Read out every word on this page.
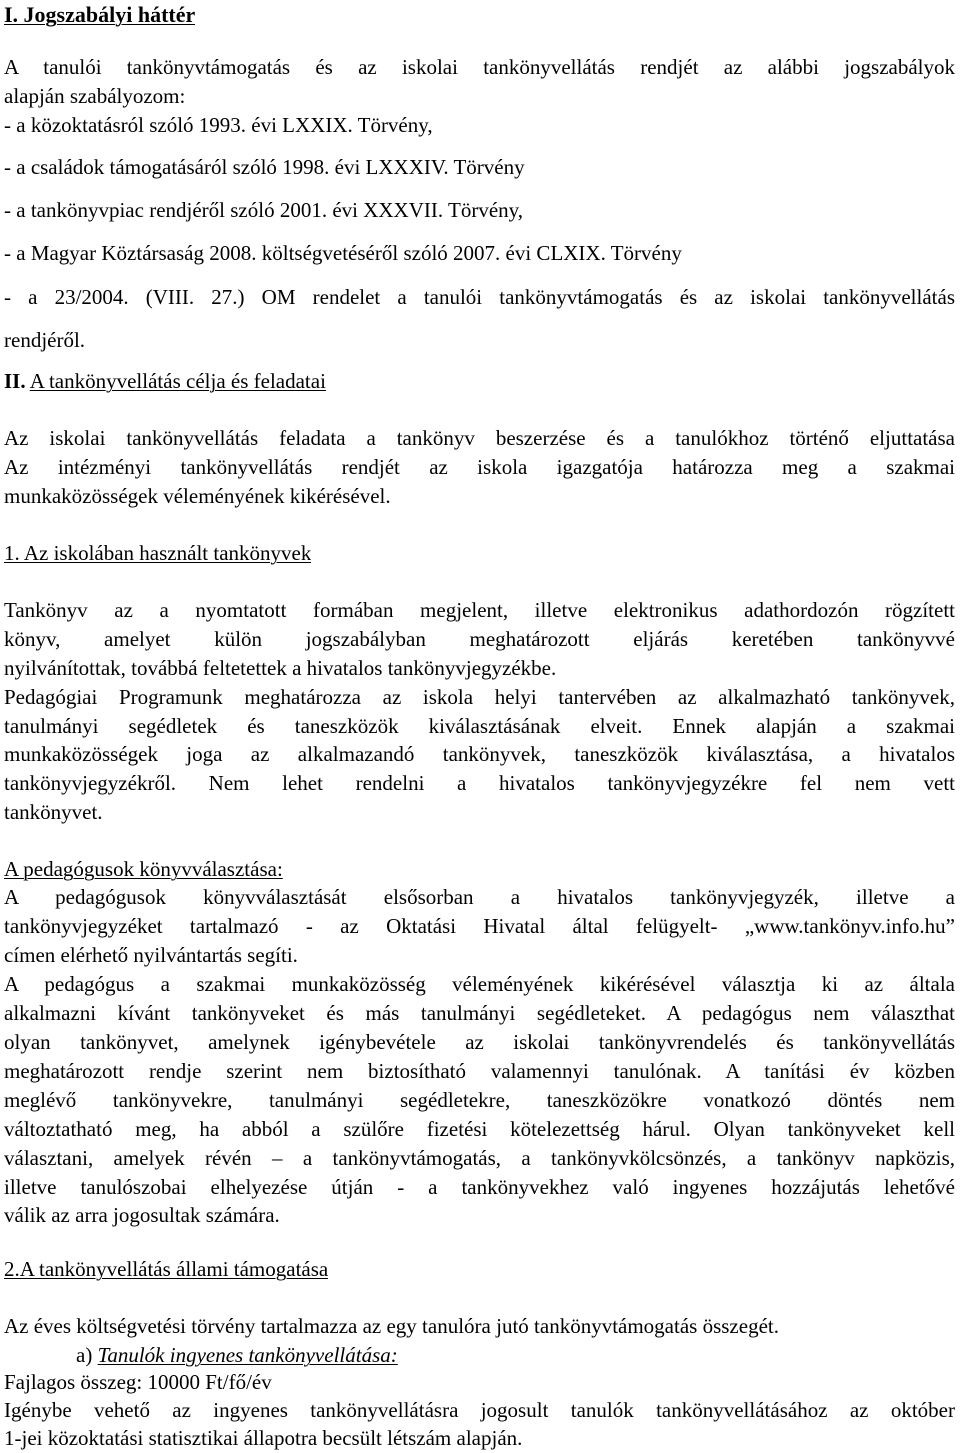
I. Jogszabályi háttér
A tanulói tankönyvtámogatás és az iskolai tankönyvellátás rendjét az alábbi jogszabályok
alapján szabályozom:
- a közoktatásról szóló 1993. évi LXXIX. Törvény,
- a családok támogatásáról szóló 1998. évi LXXXIV. Törvény
- a tankönyvpiac rendjéről szóló 2001. évi XXXVII. Törvény,
- a Magyar Köztársaság 2008. költségvetéséről szóló 2007. évi CLXIX. Törvény
- a 23/2004. (VIII. 27.) OM rendelet a tanulói tankönyvtámogatás és az iskolai tankönyvellátás
rendjéről.
II. A tankönyvellátás célja és feladatai
Az iskolai tankönyvellátás feladata a tankönyv beszerzése és a tanulókhoz történő eljuttatása
Az intézményi tankönyvellátás rendjét az iskola igazgatója határozza meg a szakmai
munkaközösségek véleményének kikérésével.
1. Az iskolában használt tankönyvek
Tankönyv az a nyomtatott formában megjelent, illetve elektronikus adathordozón rögzített
könyv, amelyet külön jogszabályban meghatározott eljárás keretében tankönyvvé
nyilvánítottak, továbbá feltetettek a hivatalos tankönyvjegyzékbe.
Pedagógiai Programunk meghatározza az iskola helyi tantervében az alkalmazható tankönyvek,
tanulmányi segédletek és taneszközök kiválasztásának elveit. Ennek alapján a szakmai
munkaközösségek joga az alkalmazandó tankönyvek, taneszközök kiválasztása, a hivatalos
tankönyvjegyzékről. Nem lehet rendelni a hivatalos tankönyvjegyzékre fel nem vett
tankönyvet.
A pedagógusok könyvválasztása:
A pedagógusok könyvválasztását elsősorban a hivatalos tankönyvjegyzék, illetve a
tankönyvjegyzéket tartalmazó - az Oktatási Hivatal által felügyelt- „www.tankönyv.info.hu”
címen elérhető nyilvántartás segíti.
A pedagógus a szakmai munkaközösség véleményének kikérésével választja ki az általa
alkalmazni kívánt tankönyveket és más tanulmányi segédleteket. A pedagógus nem választhat
olyan tankönyvet, amelynek igénybevétele az iskolai tankönyvrendelés és tankönyvellátás
meghatározott rendje szerint nem biztosítható valamennyi tanulónak. A tanítási év közben
meglévő tankönyvekre, tanulmányi segédletekre, taneszközökre vonatkozó döntés nem
változtatható meg, ha abból a szülőre fizetési kötelezettség hárul. Olyan tankönyveket kell
választani, amelyek révén – a tankönyvtámogatás, a tankönyvkölcsönzés, a tankönyv napközis,
illetve tanulószobai elhelyezése útján - a tankönyvekhez való ingyenes hozzájutás lehetővé
válik az arra jogosultak számára.
2.A tankönyvellátás állami támogatása
Az éves költségvetési törvény tartalmazza az egy tanulóra jutó tankönyvtámogatás összegét.
a) Tanulók ingyenes tankönyvellátása:
Fajlagos összeg: 10000 Ft/fő/év
Igénybe vehető az ingyenes tankönyvellátásra jogosult tanulók tankönyvellátásához az október
1-jei közoktatási statisztikai állapotra becsült létszám alapján.
